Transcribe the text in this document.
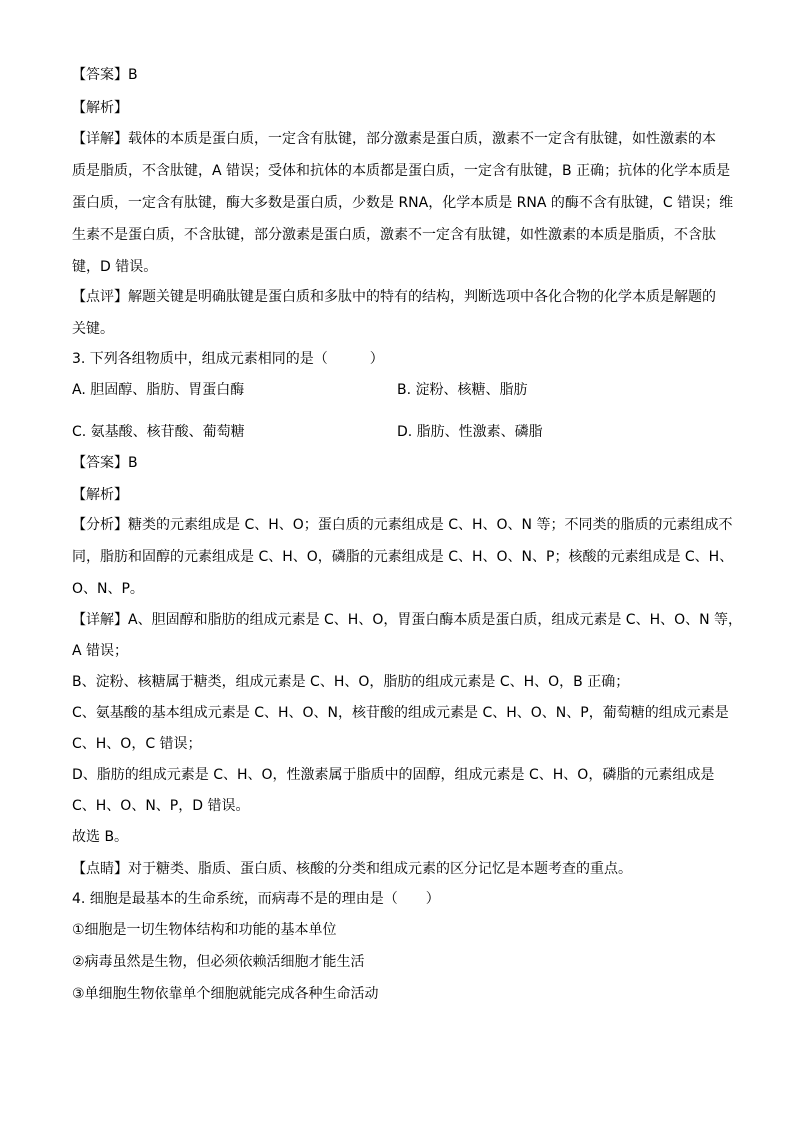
【答案】B
【解析】
【详解】载体的本质是蛋白质，一定含有肽键，部分激素是蛋白质，激素不一定含有肽键，如性激素的本
质是脂质，不含肽键，A 错误；受体和抗体的本质都是蛋白质，一定含有肽键，B 正确；抗体的化学本质是
蛋白质，一定含有肽键，酶大多数是蛋白质，少数是 RNA，化学本质是 RNA 的酶不含有肽键，C 错误；维
生素不是蛋白质，不含肽键，部分激素是蛋白质，激素不一定含有肽键，如性激素的本质是脂质，不含肽
键，D 错误。
【点评】解题关键是明确肽键是蛋白质和多肽中的特有的结构，判断选项中各化合物的化学本质是解题的
关键。
3. 下列各组物质中，组成元素相同的是（　　　）
A. 胆固醇、脂肪、胃蛋白酶	B. 淀粉、核糖、脂肪
C. 氨基酸、核苷酸、葡萄糖	D. 脂肪、性激素、磷脂
【答案】B
【解析】
【分析】糖类的元素组成是 C、H、O；蛋白质的元素组成是 C、H、O、N 等；不同类的脂质的元素组成不
同，脂肪和固醇的元素组成是 C、H、O，磷脂的元素组成是 C、H、O、N、P；核酸的元素组成是 C、H、
O、N、P。
【详解】A、胆固醇和脂肪的组成元素是 C、H、O，胃蛋白酶本质是蛋白质，组成元素是 C、H、O、N 等，
A 错误；
B、淀粉、核糖属于糖类，组成元素是 C、H、O，脂肪的组成元素是 C、H、O，B 正确；
C、氨基酸的基本组成元素是 C、H、O、N，核苷酸的组成元素是 C、H、O、N、P，葡萄糖的组成元素是
C、H、O，C 错误；
D、脂肪的组成元素是 C、H、O，性激素属于脂质中的固醇，组成元素是 C、H、O，磷脂的元素组成是
C、H、O、N、P，D 错误。
故选 B。
【点睛】对于糖类、脂质、蛋白质、核酸的分类和组成元素的区分记忆是本题考查的重点。
4. 细胞是最基本的生命系统，而病毒不是的理由是（　　）
①细胞是一切生物体结构和功能的基本单位
②病毒虽然是生物，但必须依赖活细胞才能生活
③单细胞生物依靠单个细胞就能完成各种生命活动
